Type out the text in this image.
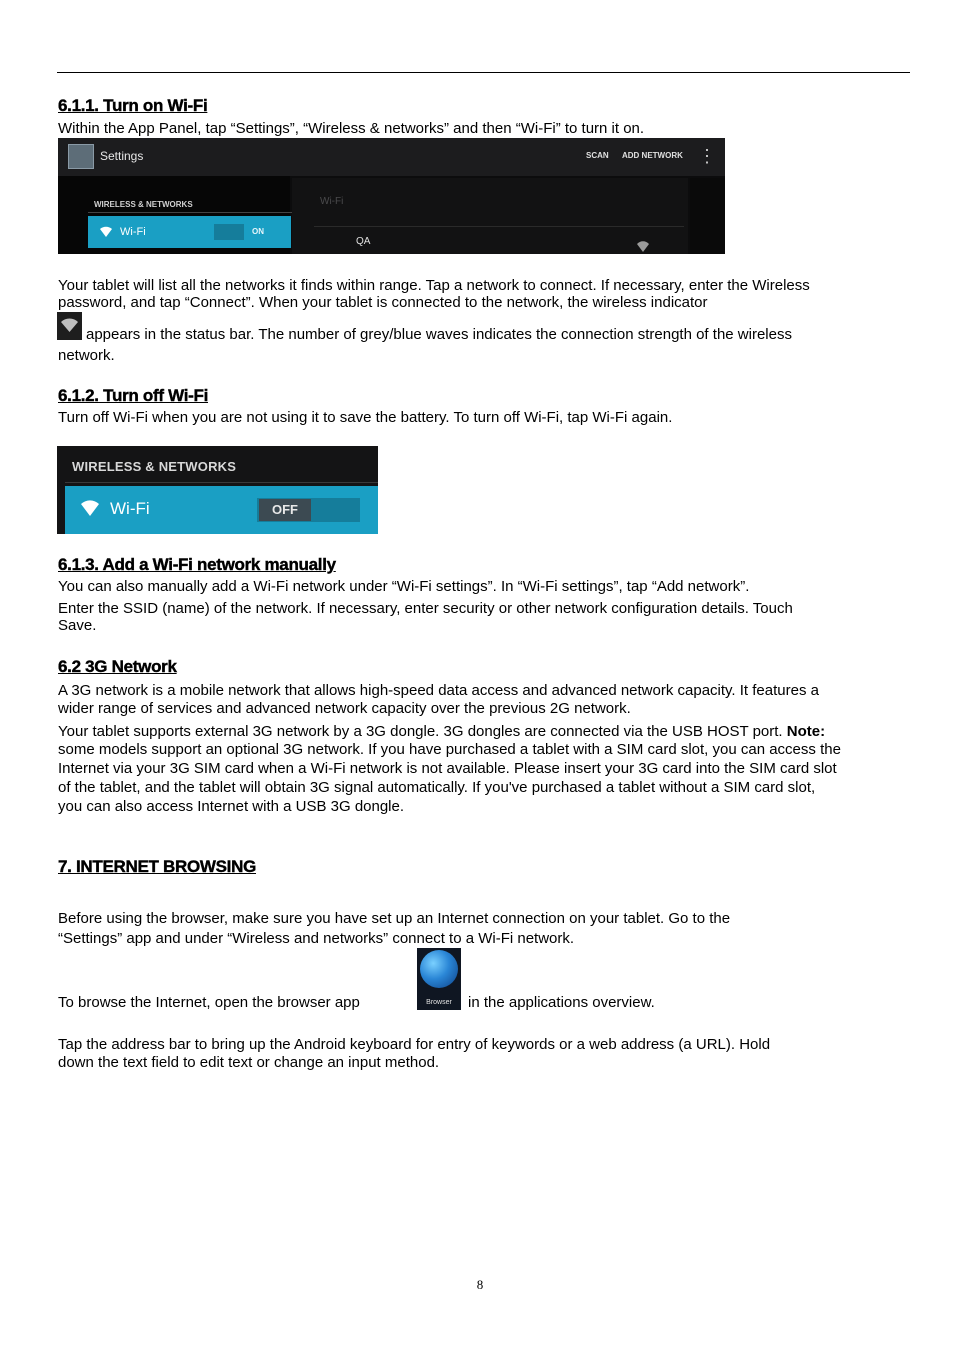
6.1.1. Turn on Wi-Fi
Within the App Panel, tap “Settings”, “Wireless & networks” and then “Wi-Fi” to turn it on.
Settings	SCAN ADD NETWORK ⋮
WIRELESS & NETWORKS
Wi-Fi	ON
Wi-Fi
QA
Your tablet will list all the networks it finds within range. Tap a network to connect. If necessary, enter the Wireless
password, and tap “Connect”. When your tablet is connected to the network, the wireless indicator
appears in the status bar. The number of grey/blue waves indicates the connection strength of the wireless
network.
6.1.2. Turn off Wi-Fi
Turn off Wi-Fi when you are not using it to save the battery. To turn off Wi-Fi, tap Wi-Fi again.
WIRELESS & NETWORKS
Wi-Fi	OFF
6.1.3. Add a Wi-Fi network manually
You can also manually add a Wi-Fi network under “Wi-Fi settings”. In “Wi-Fi settings”, tap “Add network”.
Enter the SSID (name) of the network. If necessary, enter security or other network configuration details. Touch
Save.
6.2 3G Network
A 3G network is a mobile network that allows high-speed data access and advanced network capacity. It features a
wider range of services and advanced network capacity over the previous 2G network.
Your tablet supports external 3G network by a 3G dongle. 3G dongles are connected via the USB HOST port. Note:
some models support an optional 3G network. If you have purchased a tablet with a SIM card slot, you can access the
Internet via your 3G SIM card when a Wi-Fi network is not available. Please insert your 3G card into the SIM card slot
of the tablet, and the tablet will obtain 3G signal automatically. If you've purchased a tablet without a SIM card slot,
you can also access Internet with a USB 3G dongle.
7. INTERNET BROWSING
Before using the browser, make sure you have set up an Internet connection on your tablet. Go to the
“Settings” app and under “Wireless and networks” connect to a Wi-Fi network.
To browse the Internet, open the browser app	Browser	in the applications overview.
Tap the address bar to bring up the Android keyboard for entry of keywords or a web address (a URL). Hold
down the text field to edit text or change an input method.
8
